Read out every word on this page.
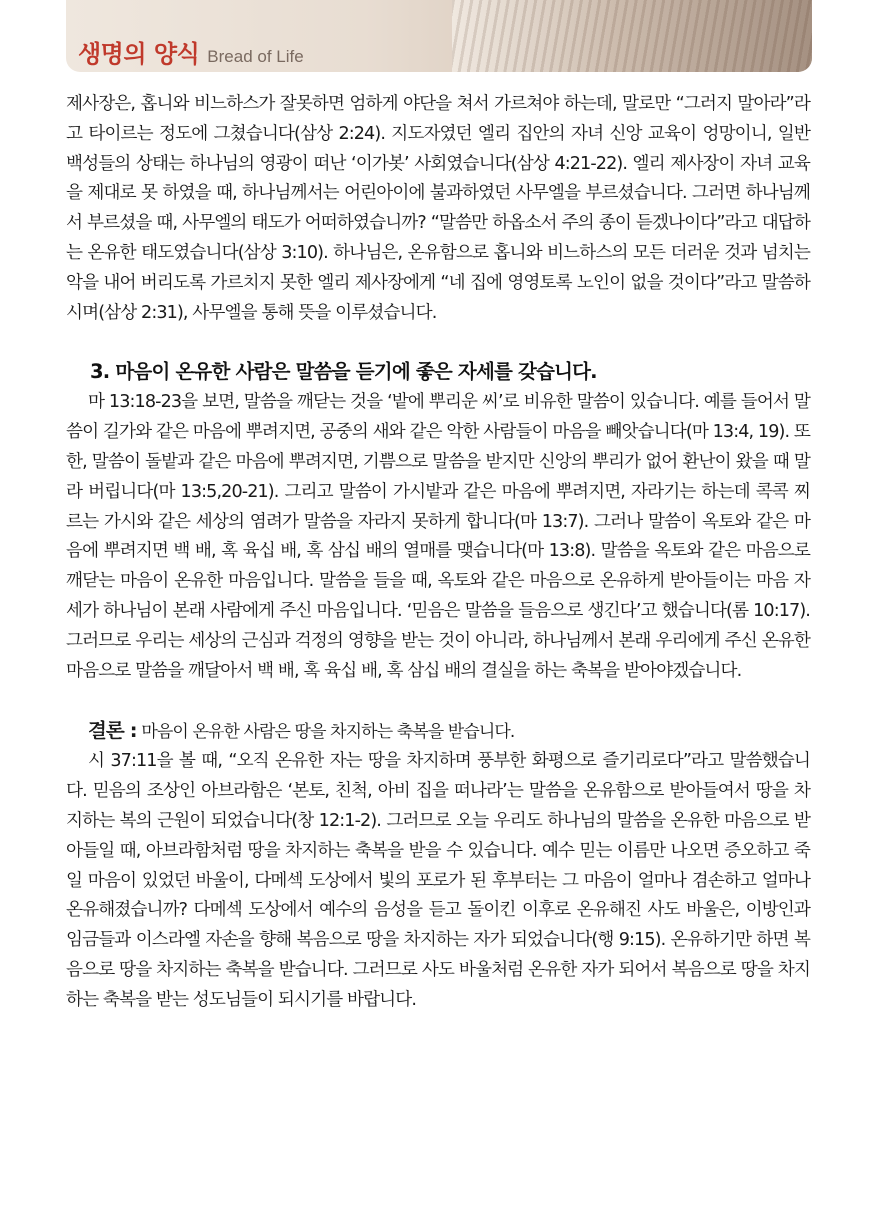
생명의 양식 Bread of Life

제사장은, 홉니와 비느하스가 잘못하면 엄하게 야단을 쳐서 가르쳐야 하는데, 말로만 “그러지 말아라”라고 타이르는 정도에 그쳤습니다(삼상 2:24). 지도자였던 엘리 집안의 자녀 신앙 교육이 엉망이니, 일반 백성들의 상태는 하나님의 영광이 떠난 ‘이가봇’ 사회였습니다(삼상 4:21-22). 엘리 제사장이 자녀 교육을 제대로 못 하였을 때, 하나님께서는 어린아이에 불과하였던 사무엘을 부르셨습니다. 그러면 하나님께서 부르셨을 때, 사무엘의 태도가 어떠하였습니까? “말씀만 하옵소서 주의 종이 듣겠나이다”라고 대답하는 온유한 태도였습니다(삼상 3:10). 하나님은, 온유함으로 홉니와 비느하스의 모든 더러운 것과 넘치는 악을 내어 버리도록 가르치지 못한 엘리 제사장에게 “네 집에 영영토록 노인이 없을 것이다”라고 말씀하시며(삼상 2:31), 사무엘을 통해 뜻을 이루셨습니다.

3. 마음이 온유한 사람은 말씀을 듣기에 좋은 자세를 갖습니다.

마 13:18-23을 보면, 말씀을 깨닫는 것을 ‘밭에 뿌리운 씨’로 비유한 말씀이 있습니다. 예를 들어서 말씀이 길가와 같은 마음에 뿌려지면, 공중의 새와 같은 악한 사람들이 마음을 빼앗습니다(마 13:4, 19). 또한, 말씀이 돌밭과 같은 마음에 뿌려지면, 기쁨으로 말씀을 받지만 신앙의 뿌리가 없어 환난이 왔을 때 말라 버립니다(마 13:5,20-21). 그리고 말씀이 가시밭과 같은 마음에 뿌려지면, 자라기는 하는데 콕콕 찌르는 가시와 같은 세상의 염려가 말씀을 자라지 못하게 합니다(마 13:7). 그러나 말씀이 옥토와 같은 마음에 뿌려지면 백 배, 혹 육십 배, 혹 삼십 배의 열매를 맺습니다(마 13:8). 말씀을 옥토와 같은 마음으로 깨닫는 마음이 온유한 마음입니다. 말씀을 들을 때, 옥토와 같은 마음으로 온유하게 받아들이는 마음 자세가 하나님이 본래 사람에게 주신 마음입니다. ‘믿음은 말씀을 들음으로 생긴다’고 했습니다(롬 10:17). 그러므로 우리는 세상의 근심과 걱정의 영향을 받는 것이 아니라, 하나님께서 본래 우리에게 주신 온유한 마음으로 말씀을 깨달아서 백 배, 혹 육십 배, 혹 삼십 배의 결실을 하는 축복을 받아야겠습니다.

결론 : 마음이 온유한 사람은 땅을 차지하는 축복을 받습니다.

시 37:11을 볼 때, “오직 온유한 자는 땅을 차지하며 풍부한 화평으로 즐기리로다”라고 말씀했습니다. 믿음의 조상인 아브라함은 ‘본토, 친척, 아비 집을 떠나라’는 말씀을 온유함으로 받아들여서 땅을 차지하는 복의 근원이 되었습니다(창 12:1-2). 그러므로 오늘 우리도 하나님의 말씀을 온유한 마음으로 받아들일 때, 아브라함처럼 땅을 차지하는 축복을 받을 수 있습니다. 예수 믿는 이름만 나오면 증오하고 죽일 마음이 있었던 바울이, 다메섹 도상에서 빛의 포로가 된 후부터는 그 마음이 얼마나 겸손하고 얼마나 온유해졌습니까? 다메섹 도상에서 예수의 음성을 듣고 돌이킨 이후로 온유해진 사도 바울은, 이방인과 임금들과 이스라엘 자손을 향해 복음으로 땅을 차지하는 자가 되었습니다(행 9:15). 온유하기만 하면 복음으로 땅을 차지하는 축복을 받습니다. 그러므로 사도 바울처럼 온유한 자가 되어서 복음으로 땅을 차지하는 축복을 받는 성도님들이 되시기를 바랍니다.
